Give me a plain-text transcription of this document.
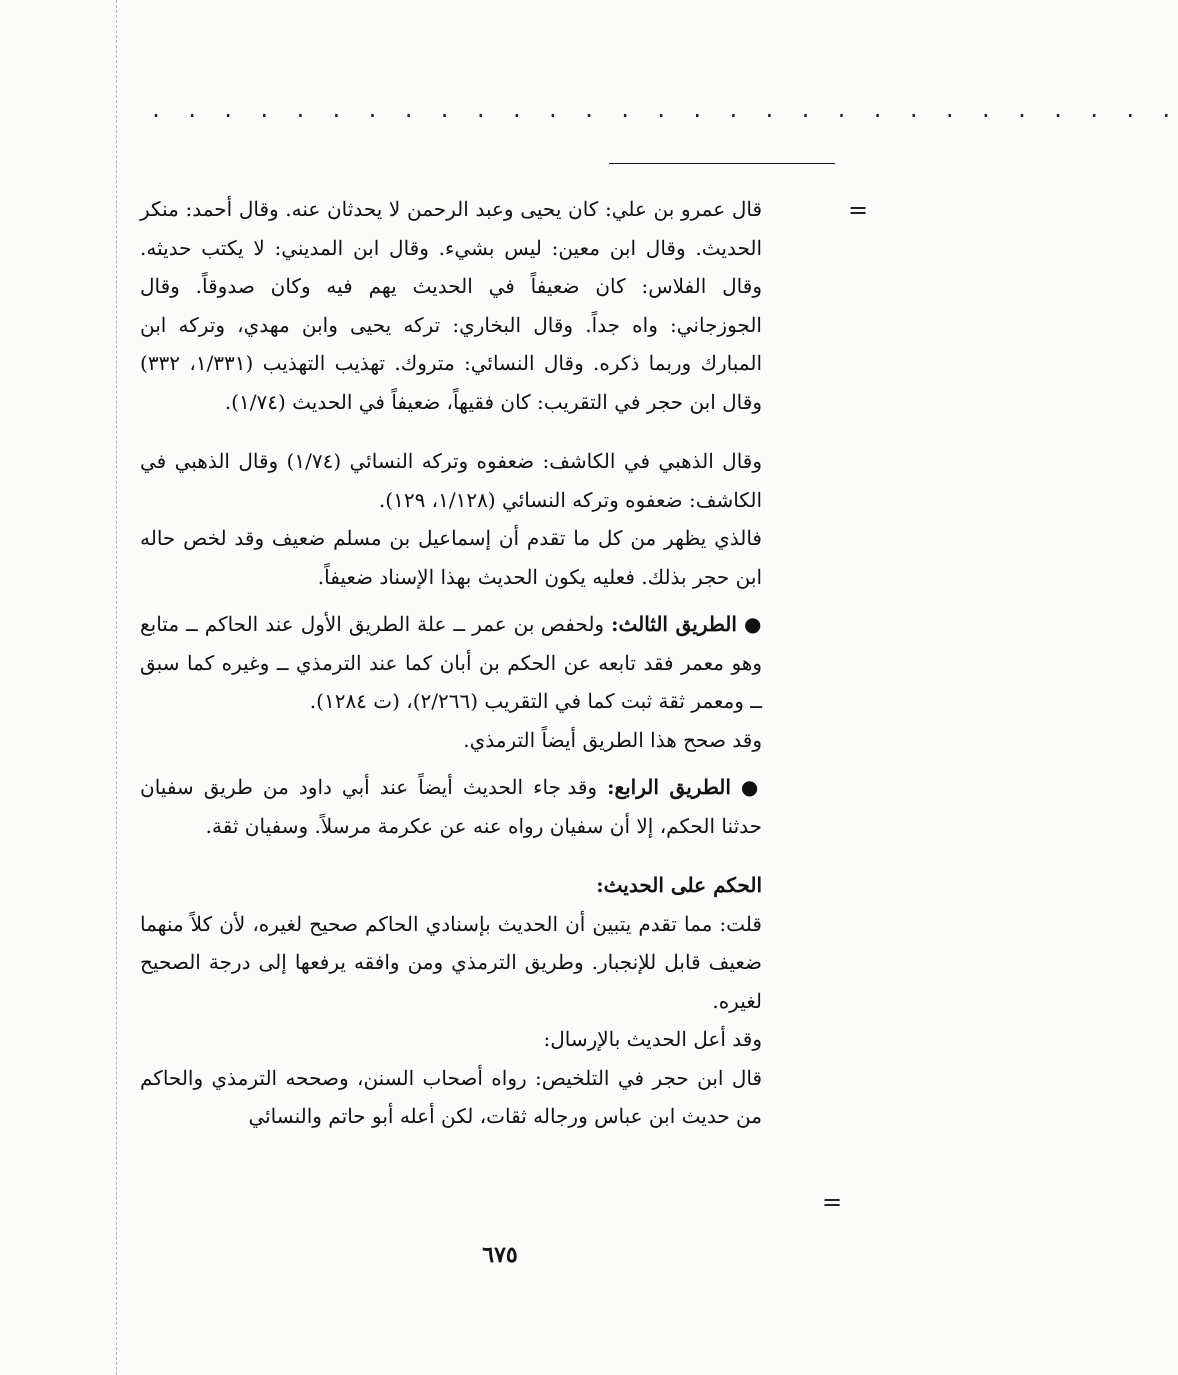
. . . . . . . . . . . . . . . . . . . . . . . . . . . . .
=

قال عمرو بن علي: كان يحيى وعبد الرحمن لا يحدثان عنه. وقال أحمد: منكر الحديث. وقال ابن معين: ليس بشيء. وقال ابن المديني: لا يكتب حديثه. وقال الفلاس: كان ضعيفاً في الحديث يهم فيه وكان صدوقاً. وقال الجوزجاني: واه جداً. وقال البخاري: تركه يحيى وابن مهدي، وتركه ابن المبارك وربما ذكره. وقال النسائي: متروك. تهذيب التهذيب (١/٣٣١، ٣٣٢) وقال ابن حجر في التقريب: كان فقيهاً، ضعيفاً في الحديث (١/٧٤).

وقال الذهبي في الكاشف: ضعفوه وتركه النسائي (١/٧٤) وقال الذهبي في الكاشف: ضعفوه وتركه النسائي (١/١٢٨، ١٢٩).

فالذي يظهر من كل ما تقدم أن إسماعيل بن مسلم ضعيف وقد لخص حاله ابن حجر بذلك. فعليه يكون الحديث بهذا الإسناد ضعيفاً.

● الطريق الثالث: ولحفص بن عمر ــ علة الطريق الأول عند الحاكم ــ متابع وهو معمر فقد تابعه عن الحكم بن أبان كما عند الترمذي ــ وغيره كما سبق ــ ومعمر ثقة ثبت كما في التقريب (٢/٢٦٦)، (ت ١٢٨٤).

وقد صحح هذا الطريق أيضاً الترمذي.

● الطريق الرابع: وقد جاء الحديث أيضاً عند أبي داود من طريق سفيان حدثنا الحكم، إلا أن سفيان رواه عنه عن عكرمة مرسلاً. وسفيان ثقة.

الحكم على الحديث:

قلت: مما تقدم يتبين أن الحديث بإسنادي الحاكم صحيح لغيره، لأن كلاً منهما ضعيف قابل للإنجبار. وطريق الترمذي ومن وافقه يرفعها إلى درجة الصحيح لغيره.

وقد أعل الحديث بالإرسال:

قال ابن حجر في التلخيص: رواه أصحاب السنن، وصححه الترمذي والحاكم من حديث ابن عباس ورجاله ثقات، لكن أعله أبو حاتم والنسائي

=
٦٧٥
